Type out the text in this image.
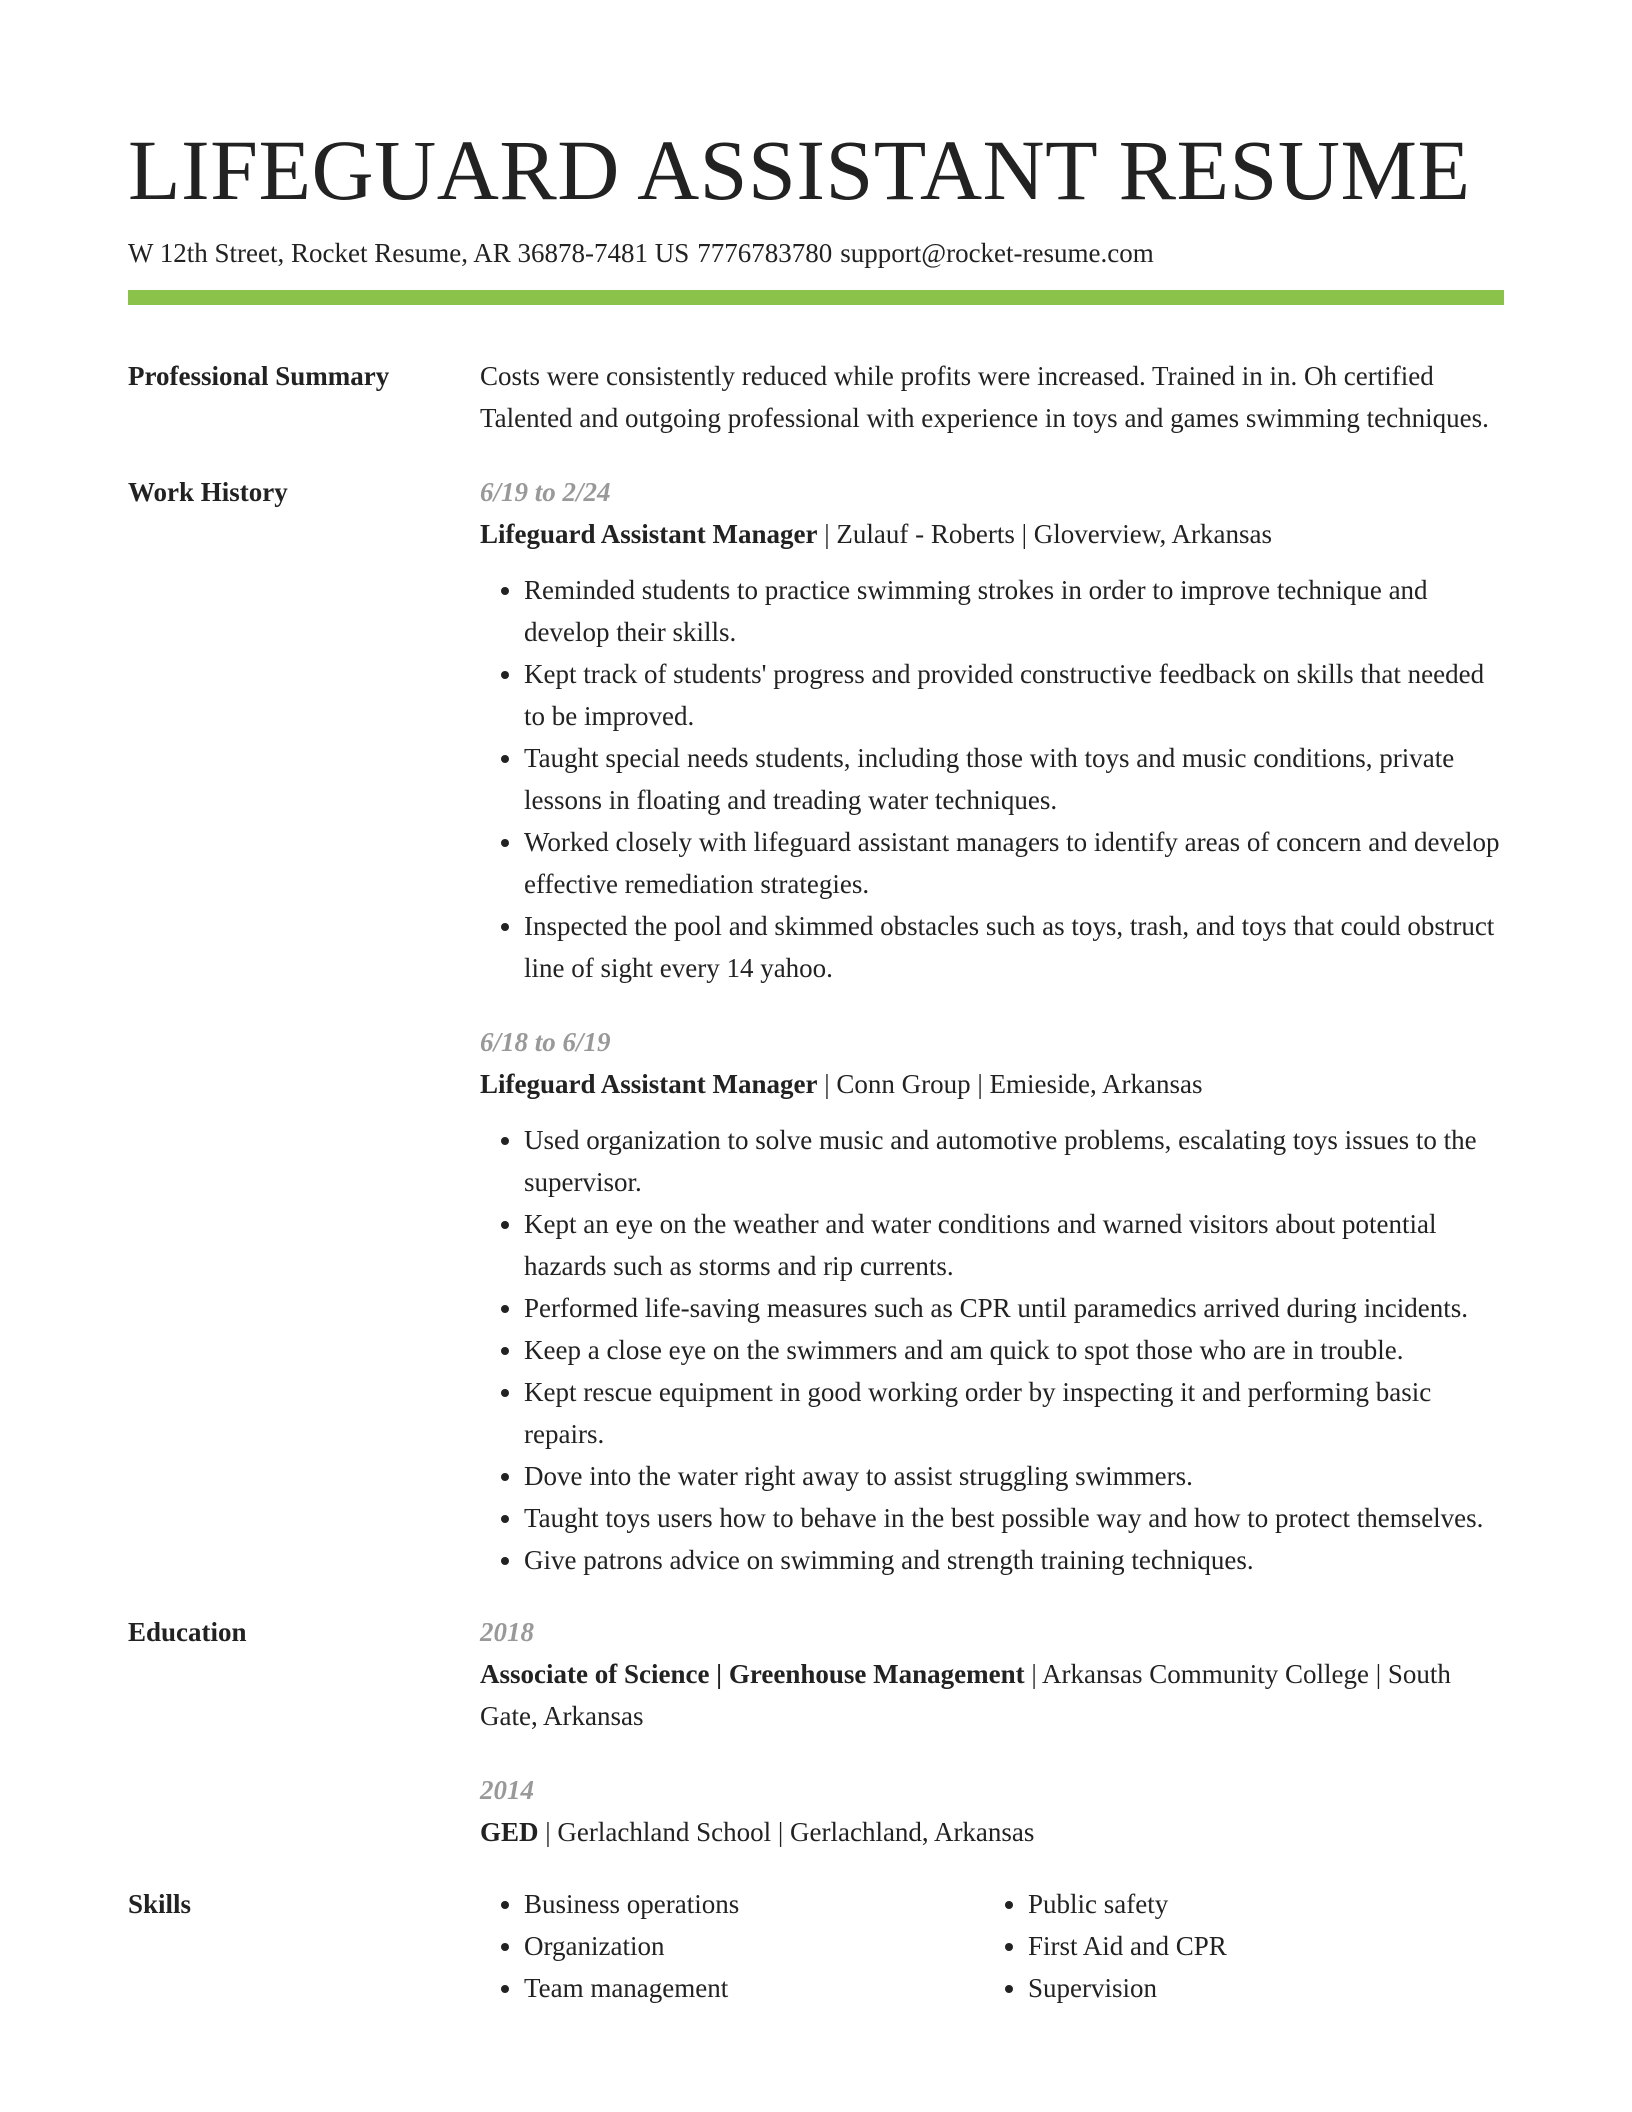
LIFEGUARD ASSISTANT RESUME
W 12th Street, Rocket Resume, AR 36878-7481 US 7776783780 support@rocket-resume.com
Professional Summary	Costs were consistently reduced while profits were increased. Trained in in. Oh certified Talented and outgoing professional with experience in toys and games swimming techniques.
Work History	6/19 to 2/24
Lifeguard Assistant Manager | Zulauf - Roberts | Gloverview, Arkansas
• Reminded students to practice swimming strokes in order to improve technique and develop their skills.
• Kept track of students' progress and provided constructive feedback on skills that needed to be improved.
• Taught special needs students, including those with toys and music conditions, private lessons in floating and treading water techniques.
• Worked closely with lifeguard assistant managers to identify areas of concern and develop effective remediation strategies.
• Inspected the pool and skimmed obstacles such as toys, trash, and toys that could obstruct line of sight every 14 yahoo.
6/18 to 6/19
Lifeguard Assistant Manager | Conn Group | Emieside, Arkansas
• Used organization to solve music and automotive problems, escalating toys issues to the supervisor.
• Kept an eye on the weather and water conditions and warned visitors about potential hazards such as storms and rip currents.
• Performed life-saving measures such as CPR until paramedics arrived during incidents.
• Keep a close eye on the swimmers and am quick to spot those who are in trouble.
• Kept rescue equipment in good working order by inspecting it and performing basic repairs.
• Dove into the water right away to assist struggling swimmers.
• Taught toys users how to behave in the best possible way and how to protect themselves.
• Give patrons advice on swimming and strength training techniques.
Education	2018
Associate of Science | Greenhouse Management | Arkansas Community College | South Gate, Arkansas
2014
GED | Gerlachland School | Gerlachland, Arkansas
Skills
•	Business operations
• Organization
• Team management
• Public safety
• First Aid and CPR
• Supervision
